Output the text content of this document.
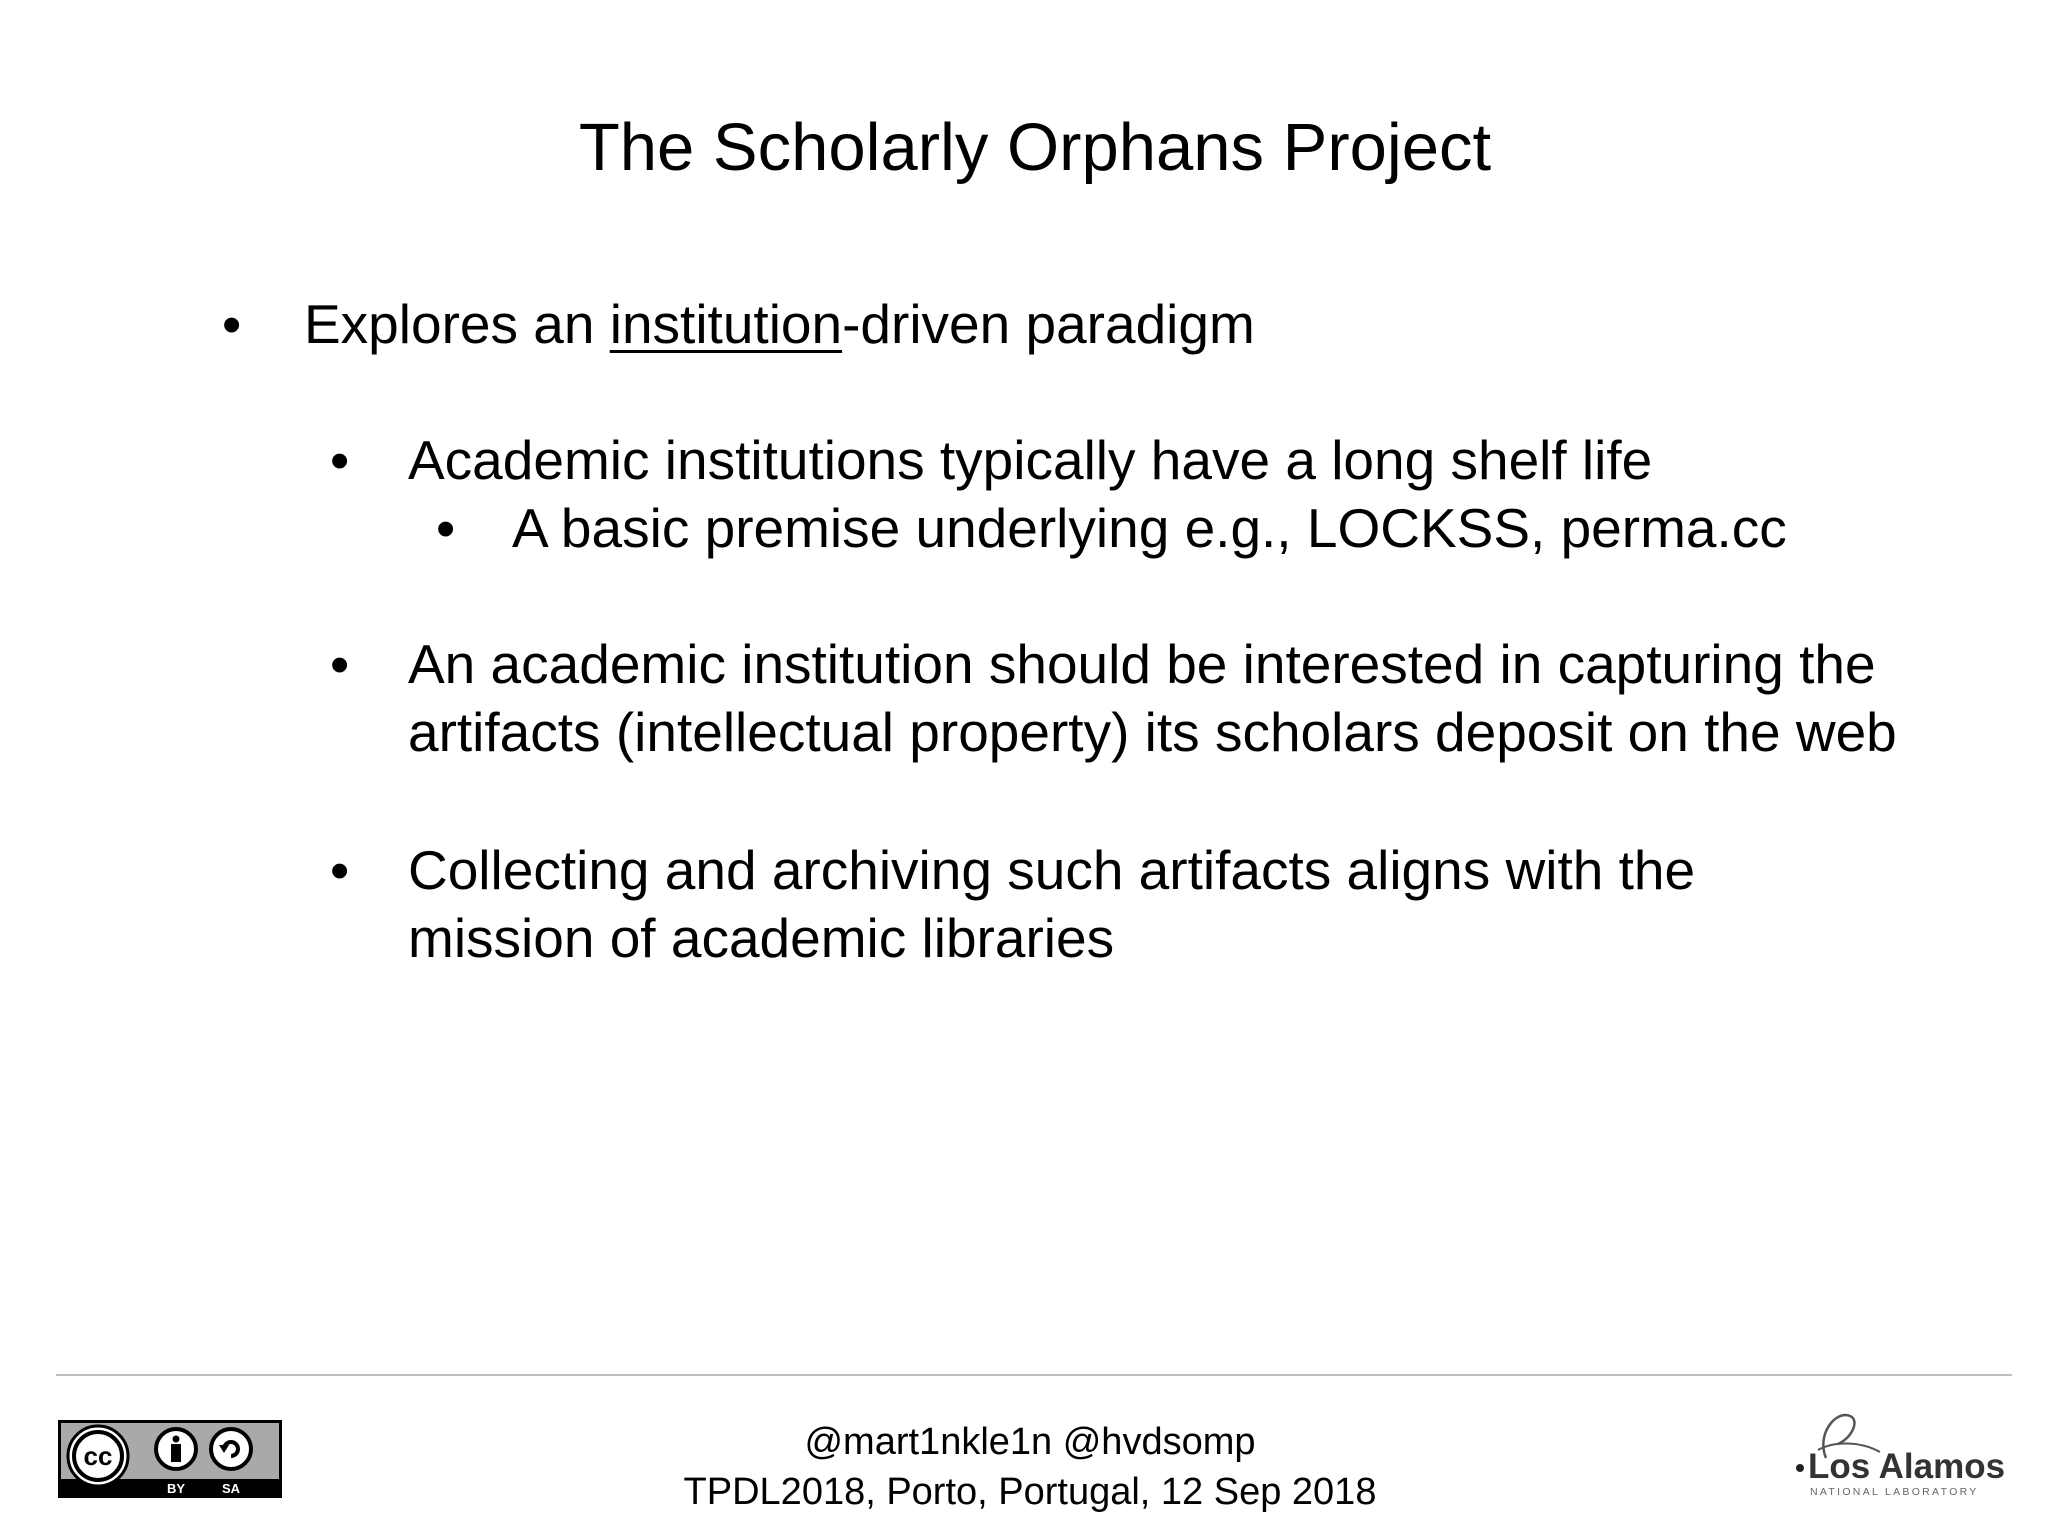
The Scholarly Orphans Project
• Explores an institution-driven paradigm
• Academic institutions typically have a long shelf life
• A basic premise underlying e.g., LOCKSS, perma.cc
• An academic institution should be interested in capturing the
artifacts (intellectual property) its scholars deposit on the web
• Collecting and archiving such artifacts aligns with the
mission of academic libraries
cc
BY	SA
@mart1nkle1n @hvdsomp
TPDL2018, Porto, Portugal, 12 Sep 2018
Los Alamos
NATIONAL LABORATORY
